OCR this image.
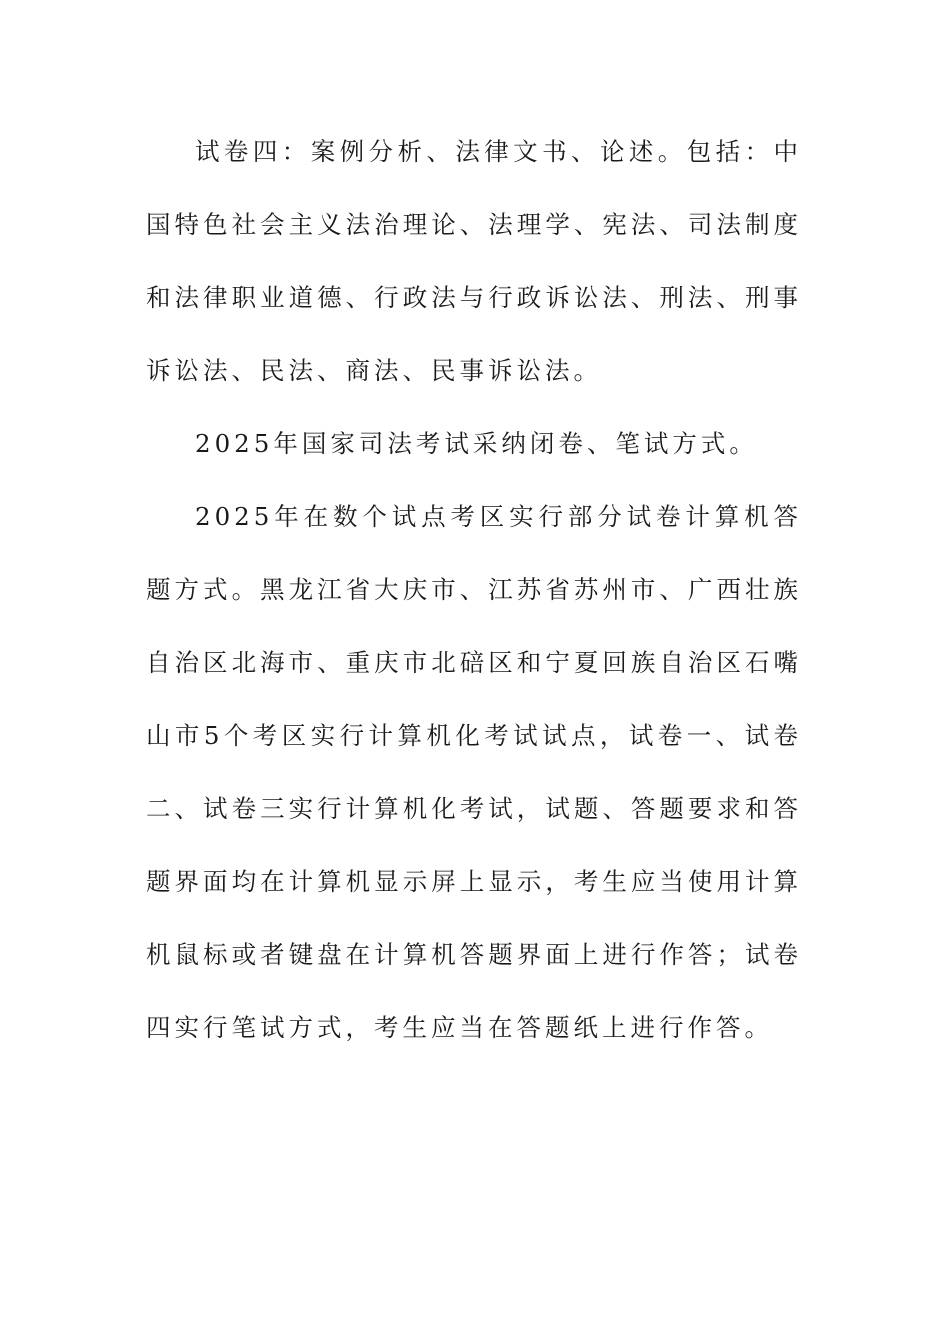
试卷四：案例分析、法律文书、论述。包括：中国特色社会主义法治理论、法理学、宪法、司法制度和法律职业道德、行政法与行政诉讼法、刑法、刑事诉讼法、民法、商法、民事诉讼法。

2025年国家司法考试采纳闭卷、笔试方式。

2025年在数个试点考区实行部分试卷计算机答题方式。黑龙江省大庆市、江苏省苏州市、广西壮族自治区北海市、重庆市北碚区和宁夏回族自治区石嘴山市5个考区实行计算机化考试试点，试卷一、试卷二、试卷三实行计算机化考试，试题、答题要求和答题界面均在计算机显示屏上显示，考生应当使用计算机鼠标或者键盘在计算机答题界面上进行作答；试卷四实行笔试方式，考生应当在答题纸上进行作答。
